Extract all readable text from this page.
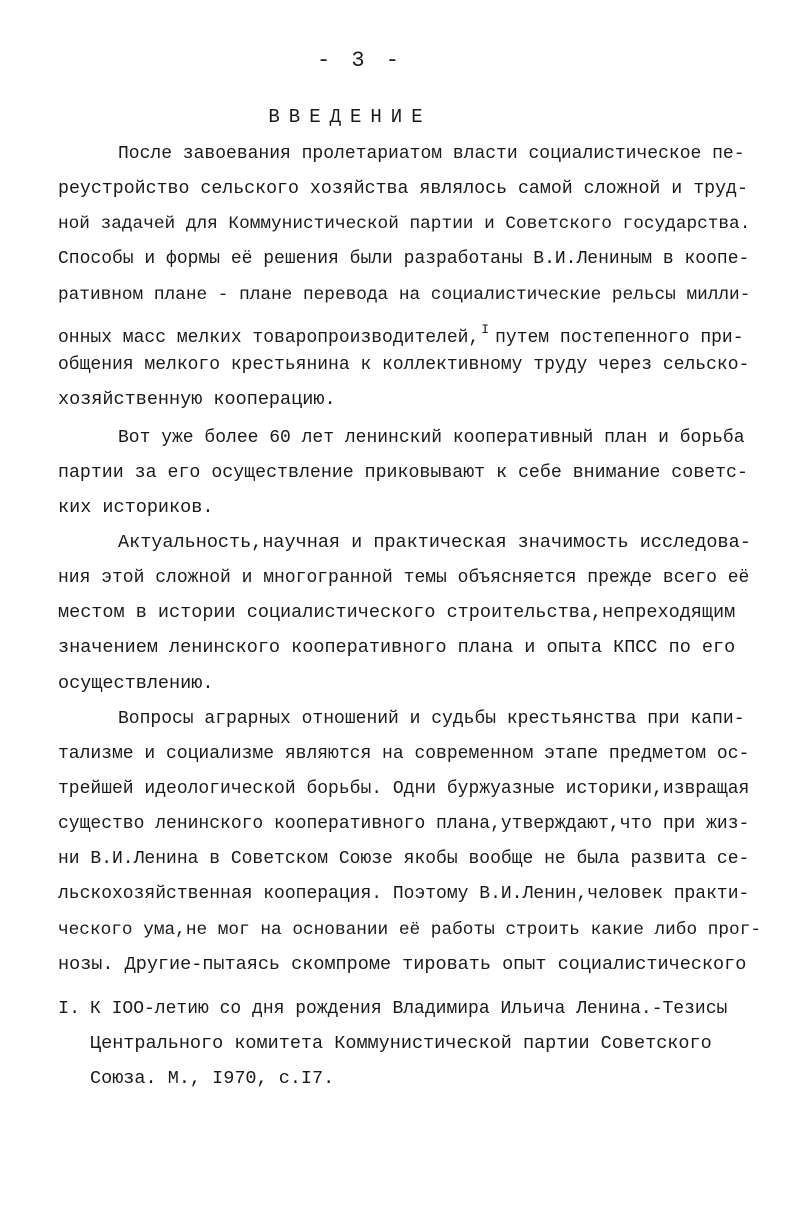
- 3 -
ВВЕДЕНИЕ
После завоевания пролетариатом власти социалистическое пе-
реустройство сельского хозяйства являлось самой сложной и труд-
ной задачей для Коммунистической партии и Советского государства.
Способы и формы её решения были разработаны В.И.Лениным в коопе-
ративном плане - плане перевода на социалистические рельсы милли-
онных масс мелких товаропроизводителей, $^I$ путем постепенного при-
общения мелкого крестьянина к коллективному труду через сельско-
хозяйственную кооперацию.
Вот уже более 60 лет ленинский кооперативный план и борьба
партии за его осуществление приковывают к себе внимание советс-
ких историков.
Актуальность,научная и практическая значимость исследова-
ния этой сложной и многогранной темы объясняется прежде всего её
местом в истории социалистического строительства,непреходящим
значением ленинского кооперативного плана и опыта КПСС по его
осуществлению.
Вопросы аграрных отношений и судьбы крестьянства при капи-
тализме и социализме являются на современном этапе предметом ос-
трейшей идеологической борьбы. Одни буржуазные историки,извращая
существо ленинского кооперативного плана,утверждают,что при жиз-
ни В.И.Ленина в Советском Союзе якобы вообще не была развита се-
льскохозяйственная кооперация. Поэтому В.И.Ленин,человек практи-
ческого ума,не мог на основании её работы строить какие либо прог-
нозы. Другие-пытаясь скомпроме тировать опыт социалистического
I. К IOO-летию со дня рождения Владимира Ильича Ленина.-Тезисы
Центрального комитета Коммунистической партии Советского
Союза. М., I970, с.I7.
